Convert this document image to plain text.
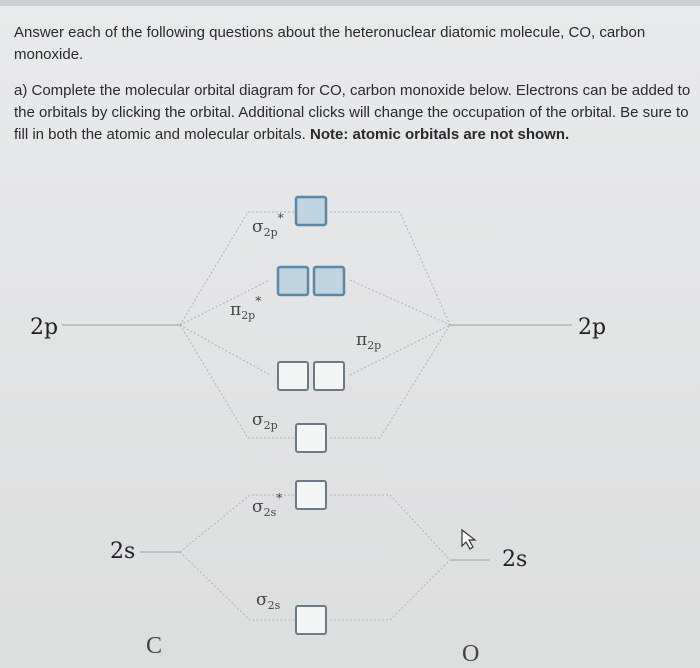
Answer each of the following questions about the heteronuclear diatomic molecule, CO, carbon monoxide.
a) Complete the molecular orbital diagram for CO, carbon monoxide below. Electrons can be added to the orbitals by clicking the orbital. Additional clicks will change the occupation of the orbital. Be sure to fill in both the atomic and molecular orbitals. Note: atomic orbitals are not shown.
$\sigma_{2p}^*$
$\pi_{2p}^*$
$\pi_{2p}$
$\sigma_{2p}$
$\sigma_{2s}^*$
$\sigma_{2s}$
2p	2p
2s	2s
C	O
